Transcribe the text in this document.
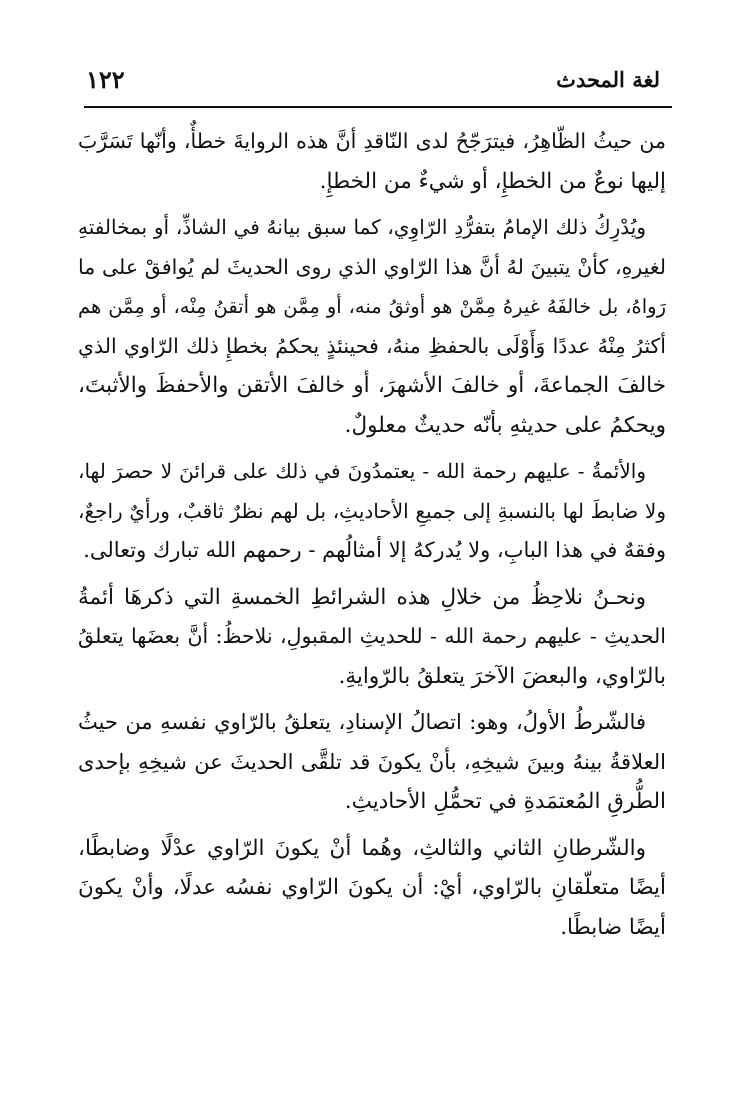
١٢٢	لغة المحدث
من حيثُ الظّاهِرُ، فيترَجّحُ لدى النّاقدِ أنَّ هذه الروايةَ خطأٌ، وأنّها تَسَرَّبَ
إليها نوعٌ من الخطإِ، أو شيءٌ من الخطإِ.
ويُدْرِكُ ذلك الإمامُ بتفرُّدِ الرّاوِي، كما سبق بيانهُ في الشاذِّ، أو بمخالفتهِ
لغيرهِ، كأنْ يتبينَ لهُ أنَّ هذا الرّاوي الذي روى الحديثَ لم يُوافقْ على ما
رَواهُ، بل خالفَهُ غيرهُ مِمَّنْ هو أوثقُ منه، أو مِمَّن هو أتقنُ مِنْه، أو مِمَّن هم
أكثرُ مِنْهُ عددًا وَأَوْلَى بالحفظِ منهُ، فحينئذٍ يحكمُ بخطإِ ذلك الرّاوي الذي
خالفَ الجماعةَ، أو خالفَ الأشهرَ، أو خالفَ الأتقن والأحفظَ والأثبتَ،
ويحكمُ على حديثهِ بأنّه حديثٌ معلولٌ.
والأئمةُ - عليهم رحمة الله - يعتمدُونَ في ذلك على قرائنَ لا حصرَ لها،
ولا ضابطَ لها بالنسبةِ إلى جميعِ الأحاديثِ، بل لهم نظرٌ ثاقبٌ، ورأيٌ راجعٌ،
وفقهٌ في هذا البابِ، ولا يُدركهُ إلا أمثالُهم - رحمهم الله تبارك وتعالى.
ونحـنُ نلاحِظُ من خلالِ هذه الشرائطِ الخمسةِ التي ذكرهَا أئمةُ
الحديثِ - عليهم رحمة الله - للحديثِ المقبولِ، نلاحظُ: أنَّ بعضَها يتعلقُ
بالرّاوي، والبعضَ الآخرَ يتعلقُ بالرّوايةِ.
فالشّرطُ الأولُ، وهو: اتصالُ الإسنادِ، يتعلقُ بالرّاوي نفسهِ من حيثُ
العلاقةُ بينهُ وبينَ شيخِهِ، بأنْ يكونَ قد تلقَّى الحديثَ عن شيخِهِ بإحدى
الطُّرقِ المُعتمَدةِ في تحمُّلِ الأحاديثِ.
والشّرطانِ الثاني والثالثِ، وهُما أنْ يكونَ الرّاوي عدْلًا وضابطًا،
أيضًا متعلّقانِ بالرّاوي، أيْ: أن يكونَ الرّاوي نفسُه عدلًا، وأنْ يكونَ
أيضًا ضابطًا.
